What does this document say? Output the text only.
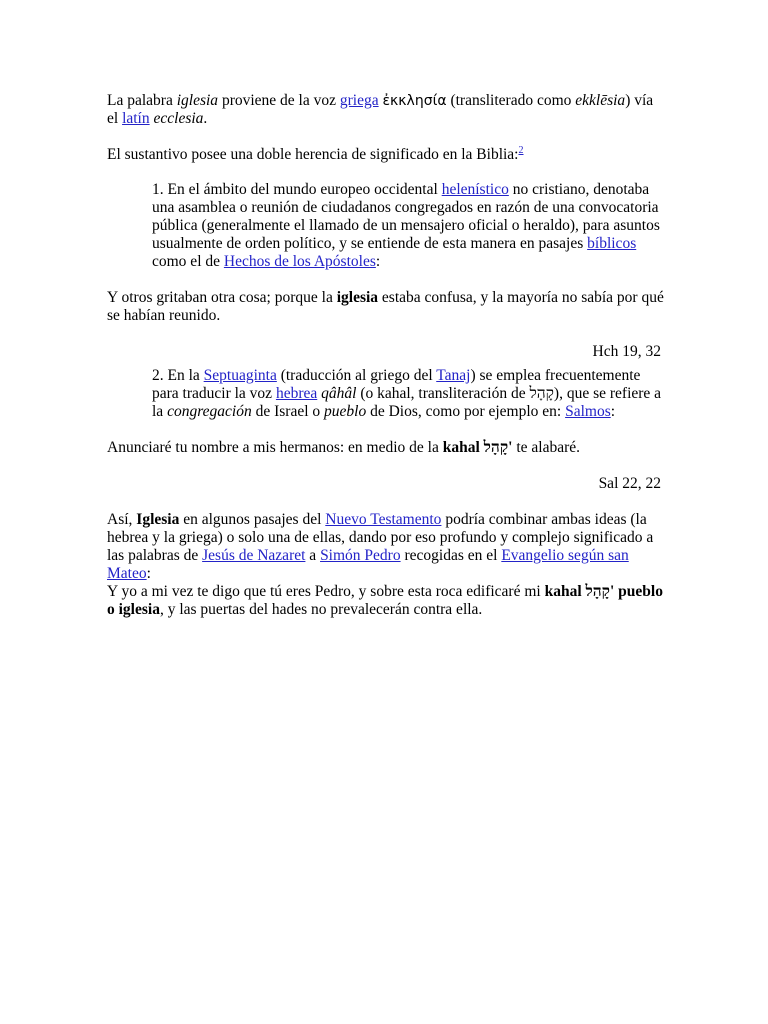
La palabra iglesia proviene de la voz griega ἐκκλησία (transliterado como ekklēsia) vía el latín ecclesia.

El sustantivo posee una doble herencia de significado en la Biblia:$^2$

1. En el ámbito del mundo europeo occidental helenístico no cristiano, denotaba una asamblea o reunión de ciudadanos congregados en razón de una convocatoria pública (generalmente el llamado de un mensajero oficial o heraldo), para asuntos usualmente de orden político, y se entiende de esta manera en pasajes bíblicos como el de Hechos de los Apóstoles:

Y otros gritaban otra cosa; porque la iglesia estaba confusa, y la mayoría no sabía por qué se habían reunido.

Hch 19, 32

2. En la Septuaginta (traducción al griego del Tanaj) se emplea frecuentemente para traducir la voz hebrea qâhâl (o kahal, transliteración de קָהָל), que se refiere a la congregación de Israel o pueblo de Dios, como por ejemplo en: Salmos:

Anunciaré tu nombre a mis hermanos: en medio de la kahal קָהָל' te alabaré.

Sal 22, 22

Así, Iglesia en algunos pasajes del Nuevo Testamento podría combinar ambas ideas (la hebrea y la griega) o solo una de ellas, dando por eso profundo y complejo significado a las palabras de Jesús de Nazaret a Simón Pedro recogidas en el Evangelio según san Mateo:

Y yo a mi vez te digo que tú eres Pedro, y sobre esta roca edificaré mi kahal קָהָל' pueblo o iglesia, y las puertas del hades no prevalecerán contra ella.
